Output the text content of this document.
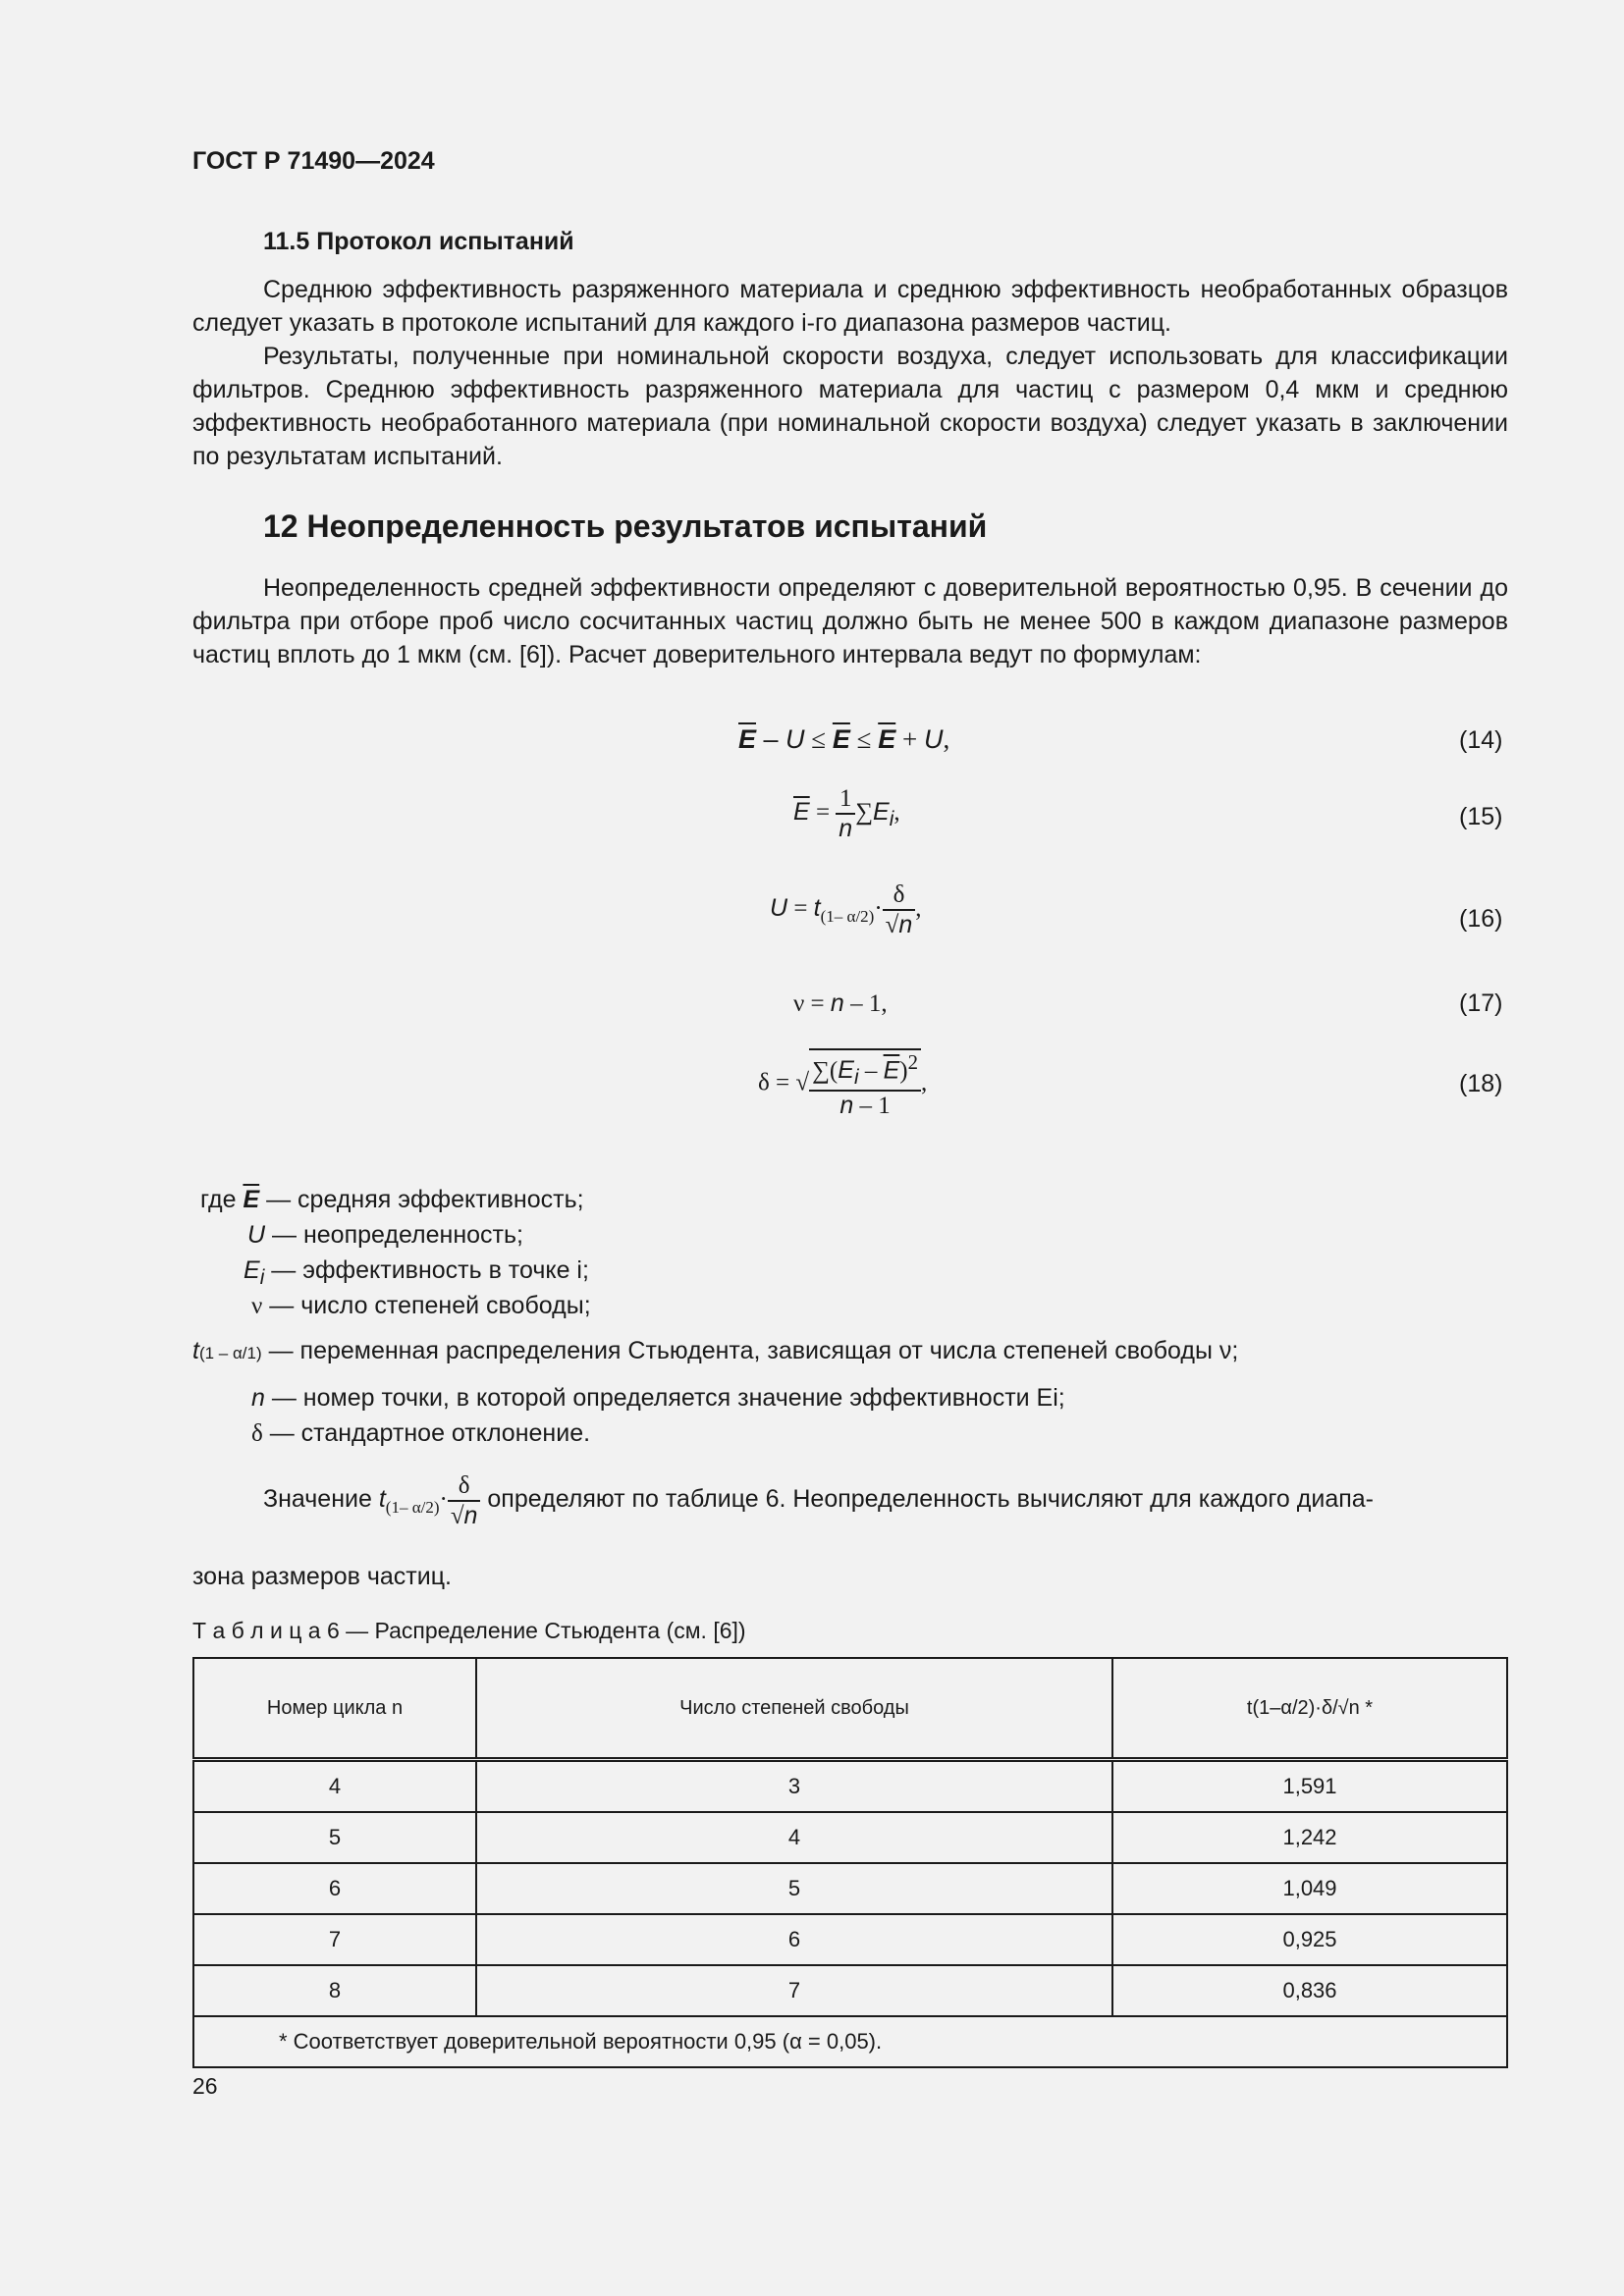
ГОСТ Р 71490—2024
11.5 Протокол испытаний

Среднюю эффективность разряженного материала и среднюю эффективность необработанных образцов следует указать в протоколе испытаний для каждого i-го диапазона размеров частиц.

Результаты, полученные при номинальной скорости воздуха, следует использовать для классификации фильтров. Среднюю эффективность разряженного материала для частиц с размером 0,4 мкм и среднюю эффективность необработанного материала (при номинальной скорости воздуха) следует указать в заключении по результатам испытаний.

12 Неопределенность результатов испытаний

Неопределенность средней эффективности определяют с доверительной вероятностью 0,95. В сечении до фильтра при отборе проб число сосчитанных частиц должно быть не менее 500 в каждом диапазоне размеров частиц вплоть до 1 мкм (см. [6]). Расчет доверительного интервала ведут по формулам:

$\overline{E} - U \le \overline{E} \le \overline{E} + U$,	(14)
$\overline{E} = \frac{1}{n} \sum E_i$,	(15)
$U = t_{(1- \alpha/2)}\cdot \frac{\delta}{√n}$ ,	(16)
ν = n – 1,	(17)
δ = √ $\frac{\sum(E_i - \overline{E})^2}{n - 1}$ ,	(18)
где $\overline{E}$ — средняя эффективность;
U — неопределенность;
$E_i$ — эффективность в точке i;
ν — число степеней свободы;
t(1 – α/1) — переменная распределения Стьюдента, зависящая от числа степеней свободы ν;
n — номер точки, в которой определяется значение эффективности Ei;
δ — стандартное отклонение.
Значение $t_{(1- \alpha/2)}\cdot \frac{\delta}{√n}$ определяют по таблице 6. Неопределенность вычисляют для каждого диапа-
зона размеров частиц.
Т а б л и ц а 6 — Распределение Стьюдента (см. [6])
Номер цикла n	Число степеней свободы	t(1–α/2)·δ/√n *
4	3	1,591
5	4	1,242
6	5	1,049
7	6	0,925
8	7	0,836
* Соответствует доверительной вероятности 0,95 (α = 0,05).		
26
